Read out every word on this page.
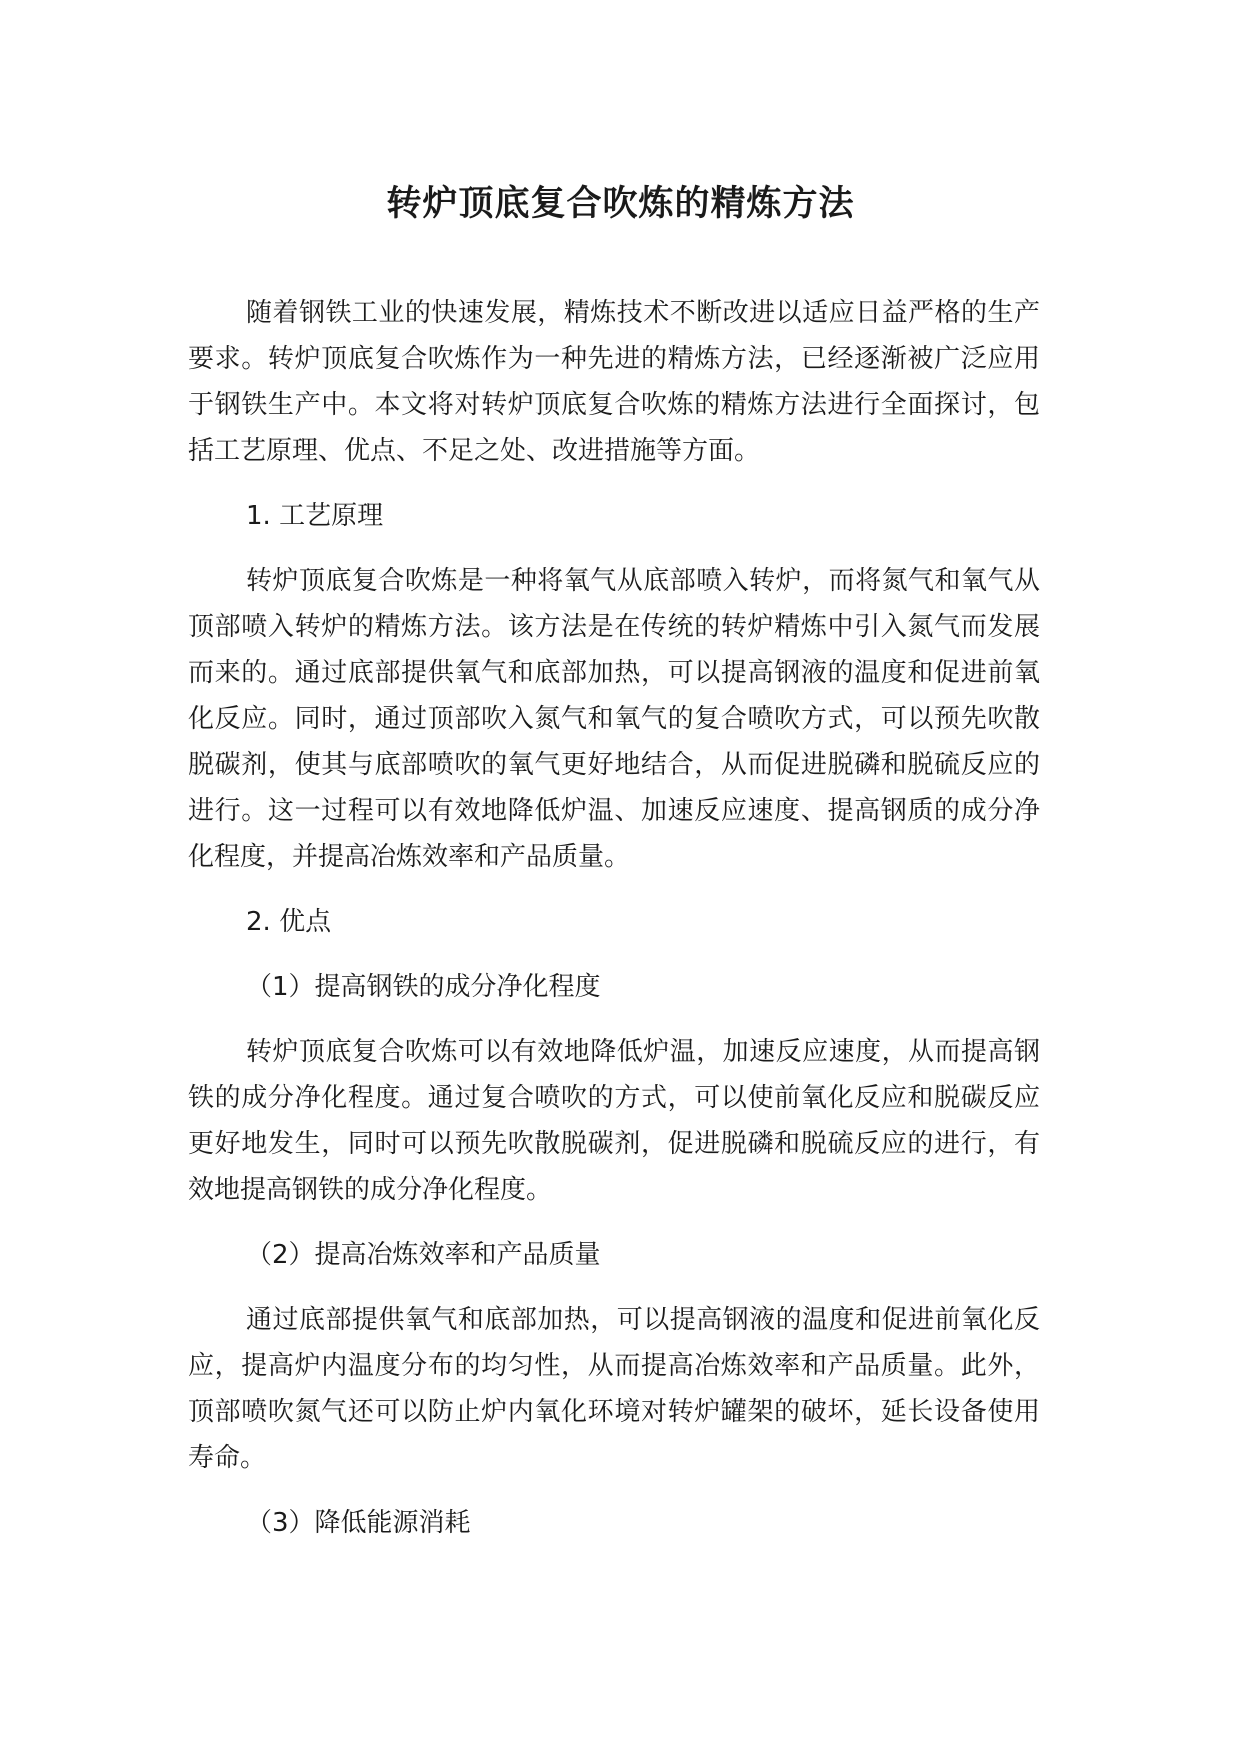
转炉顶底复合吹炼的精炼方法

随着钢铁工业的快速发展，精炼技术不断改进以适应日益严格的生产要求。转炉顶底复合吹炼作为一种先进的精炼方法，已经逐渐被广泛应用于钢铁生产中。本文将对转炉顶底复合吹炼的精炼方法进行全面探讨，包括工艺原理、优点、不足之处、改进措施等方面。

1. 工艺原理

转炉顶底复合吹炼是一种将氧气从底部喷入转炉，而将氮气和氧气从顶部喷入转炉的精炼方法。该方法是在传统的转炉精炼中引入氮气而发展而来的。通过底部提供氧气和底部加热，可以提高钢液的温度和促进前氧化反应。同时，通过顶部吹入氮气和氧气的复合喷吹方式，可以预先吹散脱碳剂，使其与底部喷吹的氧气更好地结合，从而促进脱磷和脱硫反应的进行。这一过程可以有效地降低炉温、加速反应速度、提高钢质的成分净化程度，并提高冶炼效率和产品质量。

2. 优点

（1）提高钢铁的成分净化程度

转炉顶底复合吹炼可以有效地降低炉温，加速反应速度，从而提高钢铁的成分净化程度。通过复合喷吹的方式，可以使前氧化反应和脱碳反应更好地发生，同时可以预先吹散脱碳剂，促进脱磷和脱硫反应的进行，有效地提高钢铁的成分净化程度。

（2）提高冶炼效率和产品质量

通过底部提供氧气和底部加热，可以提高钢液的温度和促进前氧化反应，提高炉内温度分布的均匀性，从而提高冶炼效率和产品质量。此外，顶部喷吹氮气还可以防止炉内氧化环境对转炉罐架的破坏，延长设备使用寿命。

（3）降低能源消耗
